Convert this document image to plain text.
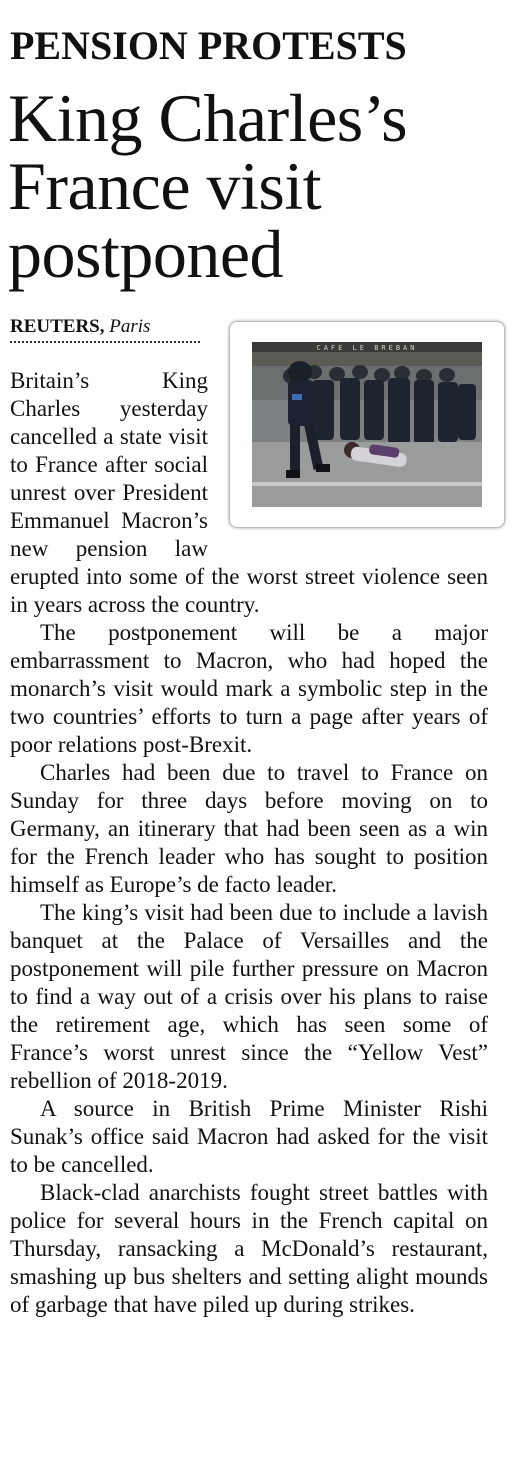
PENSION PROTESTS
King Charles’s
France visit
postponed
REUTERS, Paris
CAFE LE BREBAN

Britain’s King Charles yesterday cancelled a state visit to France after social unrest over President Emmanuel Macron’s new pension law erupted into some of the worst street violence seen in years across the country.

The postponement will be a major embarrassment to Macron, who had hoped the monarch’s visit would mark a symbolic step in the two countries’ efforts to turn a page after years of poor relations post-Brexit.

Charles had been due to travel to France on Sunday for three days before moving on to Germany, an itinerary that had been seen as a win for the French leader who has sought to position himself as Europe’s de facto leader.

The king’s visit had been due to include a lavish banquet at the Palace of Versailles and the postponement will pile further pressure on Macron to find a way out of a crisis over his plans to raise the retirement age, which has seen some of France’s worst unrest since the “Yellow Vest” rebellion of 2018-2019.

A source in British Prime Minister Rishi Sunak’s office said Macron had asked for the visit to be cancelled.

Black-clad anarchists fought street battles with police for several hours in the French capital on Thursday, ransacking a McDonald’s restaurant, smashing up bus shelters and setting alight mounds of garbage that have piled up during strikes.
